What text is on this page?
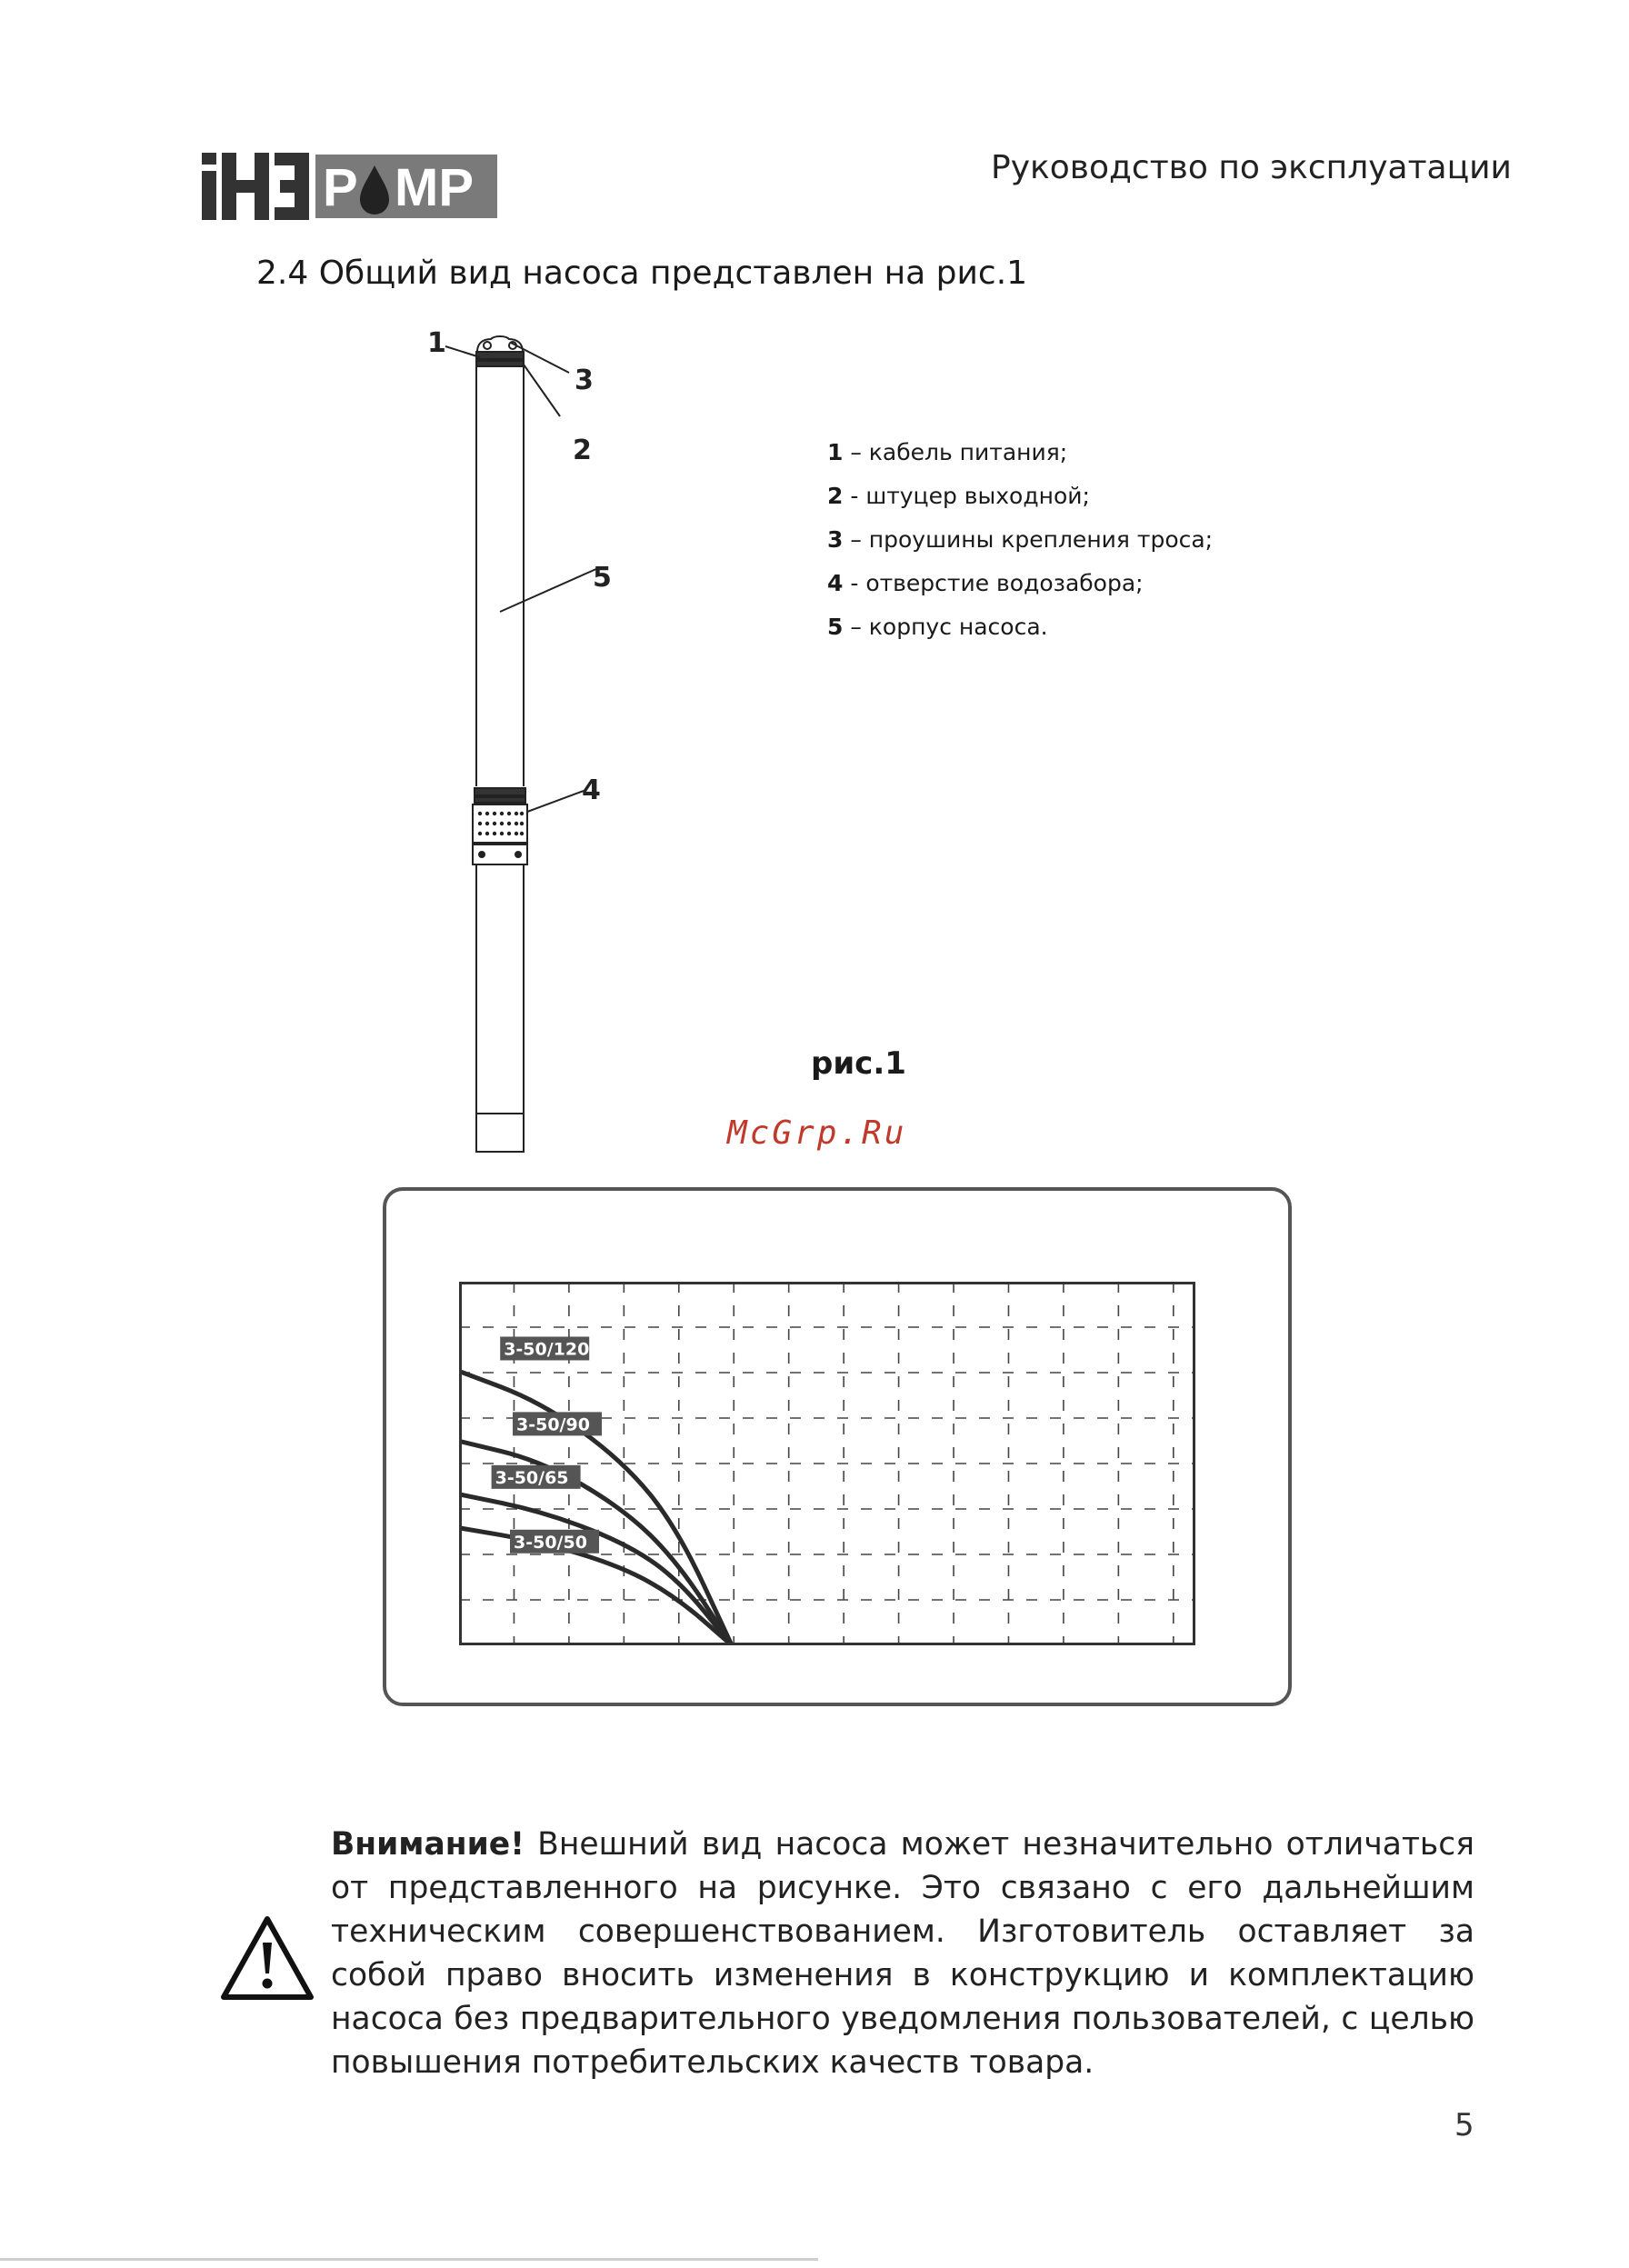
P MP	Руководство по эксплуатации
2.4 Общий вид насоса представлен на рис.1
1
3
2
5
4
1 – кабель питания;
2 - штуцер выходной;
3 – проушины крепления троса;
4 - отверстие водозабора;
5 – корпус насоса.
рис.1
McGrp.Ru
3-50/120
3-50/90
3-50/65
3-50/50
Внимание! Внешний вид насоса может незначительно отличаться от представленного на рисунке. Это связано с его дальнейшим техническим совершенствованием. Изготовитель оставляет за собой право вносить изменения в конструкцию и комплектацию насоса без предварительного уведомления пользователей, с целью повышения потребительских качеств товара.
5
